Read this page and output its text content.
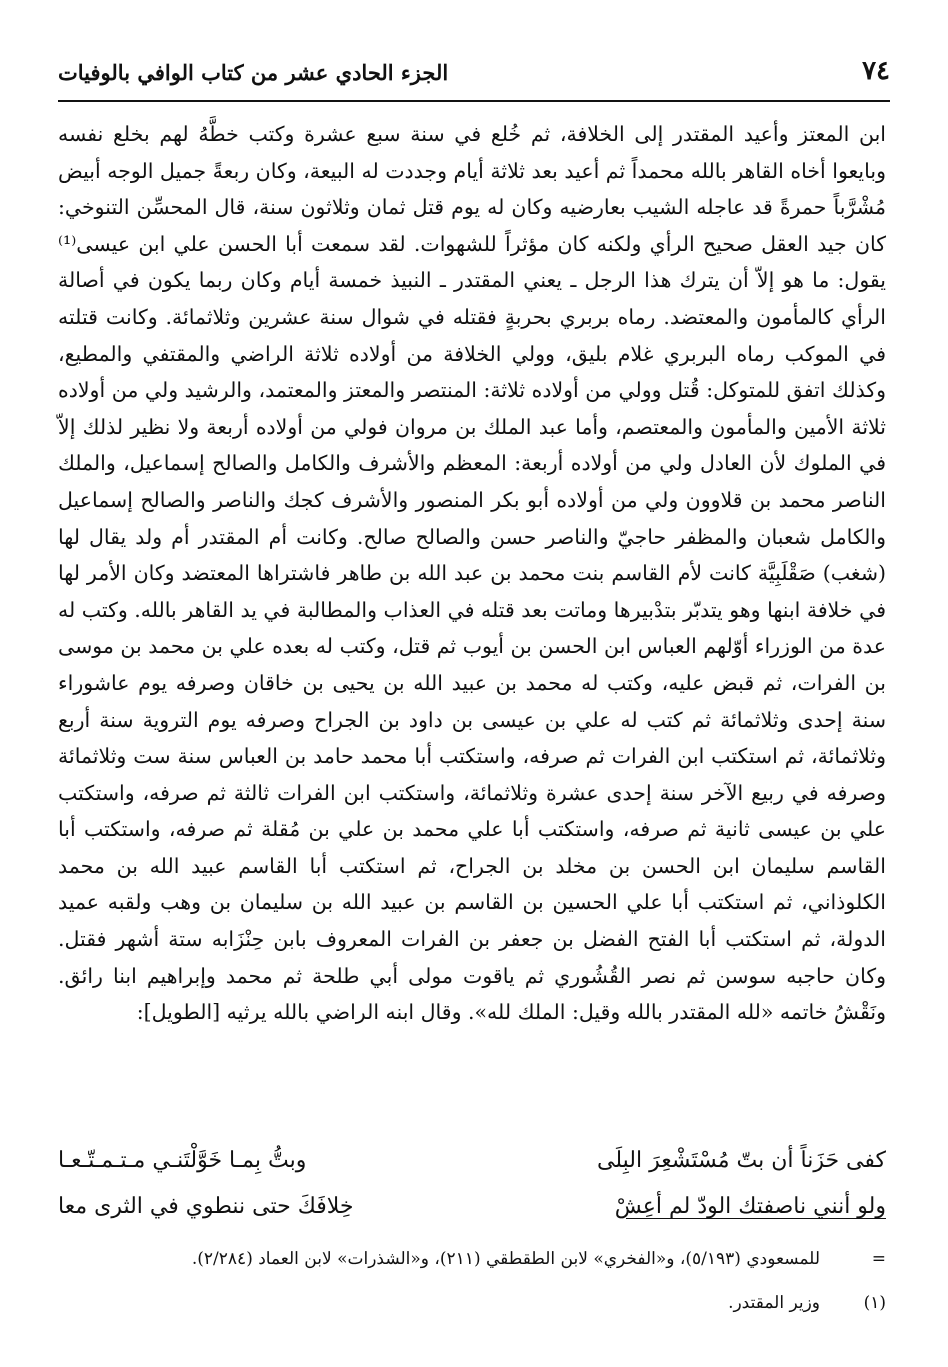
٧٤
الجزء الحادي عشر من كتاب الوافي بالوفيات

ابن المعتز وأعيد المقتدر إلى الخلافة، ثم خُلع في سنة سبع عشرة وكتب خطَّهُ لهم بخلع نفسه وبايعوا أخاه القاهر بالله محمداً ثم أعيد بعد ثلاثة أيام وجددت له البيعة، وكان ربعةً جميل الوجه أبيض مُشْرَّباً حمرةً قد عاجله الشيب بعارضيه وكان له يوم قتل ثمان وثلاثون سنة، قال المحسِّن التنوخي: كان جيد العقل صحيح الرأي ولكنه كان مؤثراً للشهوات. لقد سمعت أبا الحسن علي ابن عيسى⁽¹⁾ يقول: ما هو إلاّ أن يترك هذا الرجل ـ يعني المقتدر ـ النبيذ خمسة أيام وكان ربما يكون في أصالة الرأي كالمأمون والمعتضد. رماه بربري بحربةٍ فقتله في شوال سنة عشرين وثلاثمائة. وكانت قتلته في الموكب رماه البربري غلام بليق، وولي الخلافة من أولاده ثلاثة الراضي والمقتفي والمطيع، وكذلك اتفق للمتوكل: قُتل وولي من أولاده ثلاثة: المنتصر والمعتز والمعتمد، والرشيد ولي من أولاده ثلاثة الأمين والمأمون والمعتصم، وأما عبد الملك بن مروان فولي من أولاده أربعة ولا نظير لذلك إلاّ في الملوك لأن العادل ولي من أولاده أربعة: المعظم والأشرف والكامل والصالح إسماعيل، والملك الناصر محمد بن قلاوون ولي من أولاده أبو بكر المنصور والأشرف كجك والناصر والصالح إسماعيل والكامل شعبان والمظفر حاجيّ والناصر حسن والصالح صالح. وكانت أم المقتدر أم ولد يقال لها (شغب) صَقْلَبِيَّة كانت لأم القاسم بنت محمد بن عبد الله بن طاهر فاشتراها المعتضد وكان الأمر لها في خلافة ابنها وهو يتدبّر بتدْبيرها وماتت بعد قتله في العذاب والمطالبة في يد القاهر بالله. وكتب له عدة من الوزراء أوّلهم العباس ابن الحسن بن أيوب ثم قتل، وكتب له بعده علي بن محمد بن موسى بن الفرات، ثم قبض عليه، وكتب له محمد بن عبيد الله بن يحيى بن خاقان وصرفه يوم عاشوراء سنة إحدى وثلاثمائة ثم كتب له علي بن عيسى بن داود بن الجراح وصرفه يوم التروية سنة أربع وثلاثمائة، ثم استكتب ابن الفرات ثم صرفه، واستكتب أبا محمد حامد بن العباس سنة ست وثلاثمائة وصرفه في ربيع الآخر سنة إحدى عشرة وثلاثمائة، واستكتب ابن الفرات ثالثة ثم صرفه، واستكتب علي بن عيسى ثانية ثم صرفه، واستكتب أبا علي محمد بن علي بن مُقلة ثم صرفه، واستكتب أبا القاسم سليمان ابن الحسن بن مخلد بن الجراح، ثم استكتب أبا القاسم عبيد الله بن محمد الكلوذاني، ثم استكتب أبا علي الحسين بن القاسم بن عبيد الله بن سليمان بن وهب ولقبه عميد الدولة، ثم استكتب أبا الفتح الفضل بن جعفر بن الفرات المعروف بابن حِنْزَابه ستة أشهر فقتل. وكان حاجبه سوسن ثم نصر القُشُوري ثم ياقوت مولى أبي طلحة ثم محمد وإبراهيم ابنا رائق. ونَقْشُ خاتمه «لله المقتدر بالله وقيل: الملك لله». وقال ابنه الراضي بالله يرثيه [الطويل]:

كفى حَزَناً أن بتّ مُسْتَشْعِرَ البِلَى
وبتُّ بِمـا خَوَّلْتَنـي مـتـمـتّـعـا
ولو أنني ناصفتك الودّ لم أعِشْ
خِلافَكَ حتى ننطوي في الثرى معا
=
للمسعودي (٥/١٩٣)، و«الفخري» لابن الطقطقي (٢١١)، و«الشذرات» لابن العماد (٢/٢٨٤).
(١)
وزير المقتدر.
